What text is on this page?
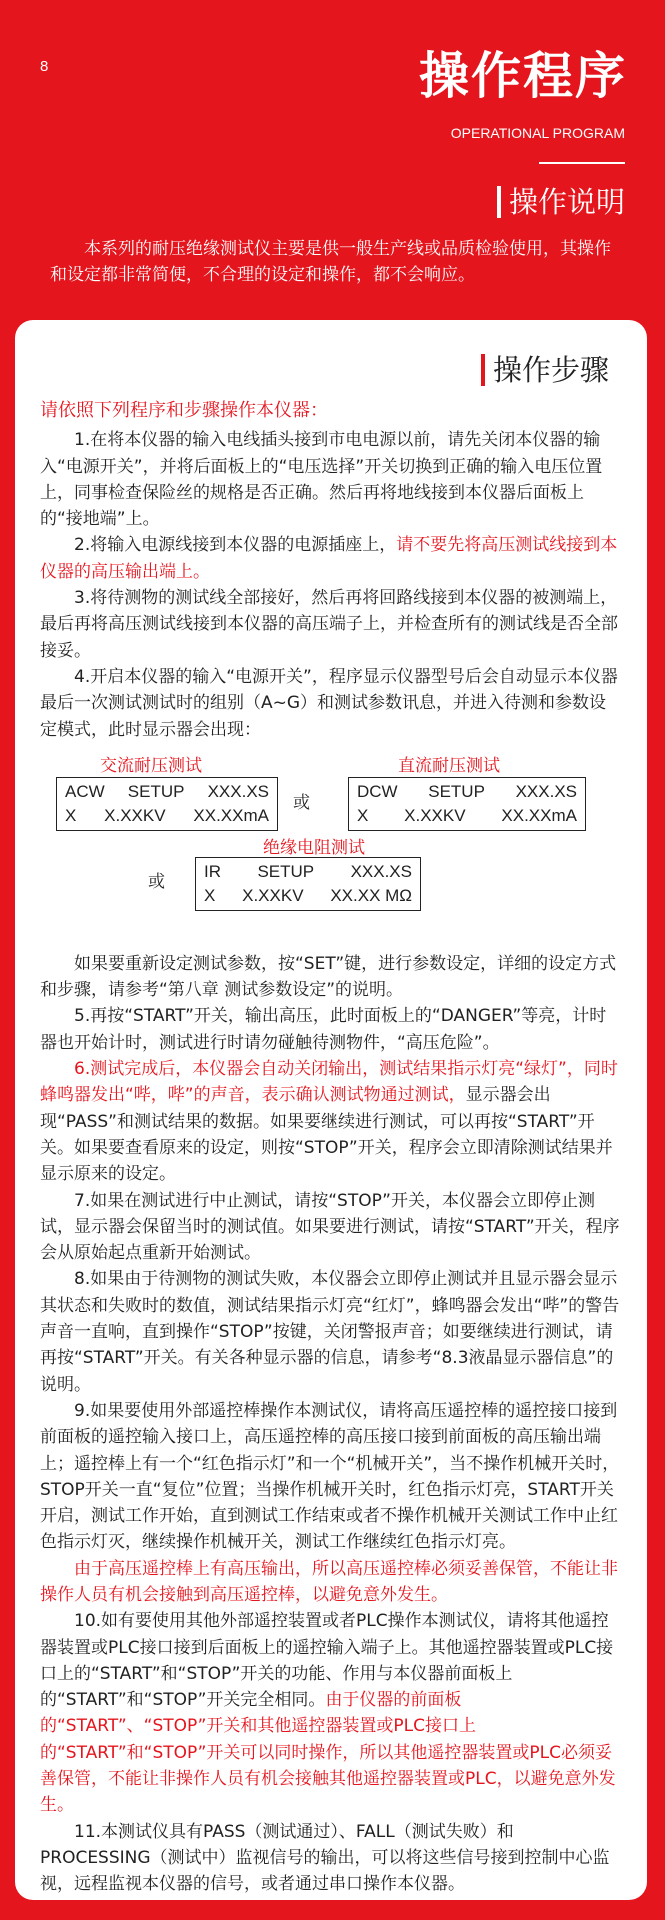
8	操作程序
OPERATIONAL PROGRAM
操作说明
本系列的耐压绝缘测试仪主要是供一般生产线或品质检验使用，其操作和设定都非常简便，不合理的设定和操作，都不会响应。
操作步骤

请依照下列程序和步骤操作本仪器：

1.在将本仪器的输入电线插头接到市电电源以前，请先关闭本仪器的输入“电源开关”，并将后面板上的“电压选择”开关切换到正确的输入电压位置上，同事检查保险丝的规格是否正确。然后再将地线接到本仪器后面板上的“接地端”上。

2.将输入电源线接到本仪器的电源插座上，请不要先将高压测试线接到本仪器的高压输出端上。

3.将待测物的测试线全部接好，然后再将回路线接到本仪器的被测端上，最后再将高压测试线接到本仪器的高压端子上，并检查所有的测试线是否全部接妥。

4.开启本仪器的输入“电源开关”，程序显示仪器型号后会自动显示本仪器最后一次测试测试时的组别（A~G）和测试参数讯息，并进入待测和参数设定模式，此时显示器会出现：

交流耐压测试
ACW SETUP XXX.XS
X X.XXKV XX.XXmA
或
直流耐压测试
DCW SETUP XXX.XS
X X.XXKV XX.XXmA
绝缘电阻测试
或
IR SETUP XXX.XS
X X.XXKV XX.XX MΩ

如果要重新设定测试参数，按“SET”键，进行参数设定，详细的设定方式和步骤，请参考“第八章 测试参数设定”的说明。

5.再按“START”开关，输出高压，此时面板上的“DANGER”等亮，计时器也开始计时，测试进行时请勿碰触待测物件，“高压危险”。

6.测试完成后，本仪器会自动关闭输出，测试结果指示灯亮“绿灯”，同时蜂鸣器发出“哔，哔”的声音，表示确认测试物通过测试，显示器会出现“PASS”和测试结果的数据。如果要继续进行测试，可以再按“START”开关。如果要查看原来的设定，则按“STOP”开关，程序会立即清除测试结果并显示原来的设定。

7.如果在测试进行中止测试，请按“STOP”开关，本仪器会立即停止测试，显示器会保留当时的测试值。如果要进行测试，请按“START”开关，程序会从原始起点重新开始测试。

8.如果由于待测物的测试失败，本仪器会立即停止测试并且显示器会显示其状态和失败时的数值，测试结果指示灯亮“红灯”，蜂鸣器会发出“哔”的警告声音一直响，直到操作“STOP”按键，关闭警报声音；如要继续进行测试，请再按“START”开关。有关各种显示器的信息，请参考“8.3液晶显示器信息”的说明。

9.如果要使用外部遥控棒操作本测试仪，请将高压遥控棒的遥控接口接到前面板的遥控输入接口上，高压遥控棒的高压接口接到前面板的高压输出端上；遥控棒上有一个“红色指示灯”和一个“机械开关”，当不操作机械开关时，STOP开关一直“复位”位置；当操作机械开关时，红色指示灯亮，START开关开启，测试工作开始，直到测试工作结束或者不操作机械开关测试工作中止红色指示灯灭，继续操作机械开关，测试工作继续红色指示灯亮。

由于高压遥控棒上有高压输出，所以高压遥控棒必须妥善保管，不能让非操作人员有机会接触到高压遥控棒，以避免意外发生。

10.如有要使用其他外部遥控装置或者PLC操作本测试仪，请将其他遥控器装置或PLC接口接到后面板上的遥控输入端子上。其他遥控器装置或PLC接口上的“START”和“STOP”开关的功能、作用与本仪器前面板上的“START”和“STOP”开关完全相同。由于仪器的前面板的“START”、“STOP”开关和其他遥控器装置或PLC接口上的“START”和“STOP”开关可以同时操作，所以其他遥控器装置或PLC必须妥善保管，不能让非操作人员有机会接触其他遥控器装置或PLC，以避免意外发生。

11.本测试仪具有PASS（测试通过）、FALL（测试失败）和PROCESSING（测试中）监视信号的输出，可以将这些信号接到控制中心监视，远程监视本仪器的信号，或者通过串口操作本仪器。
